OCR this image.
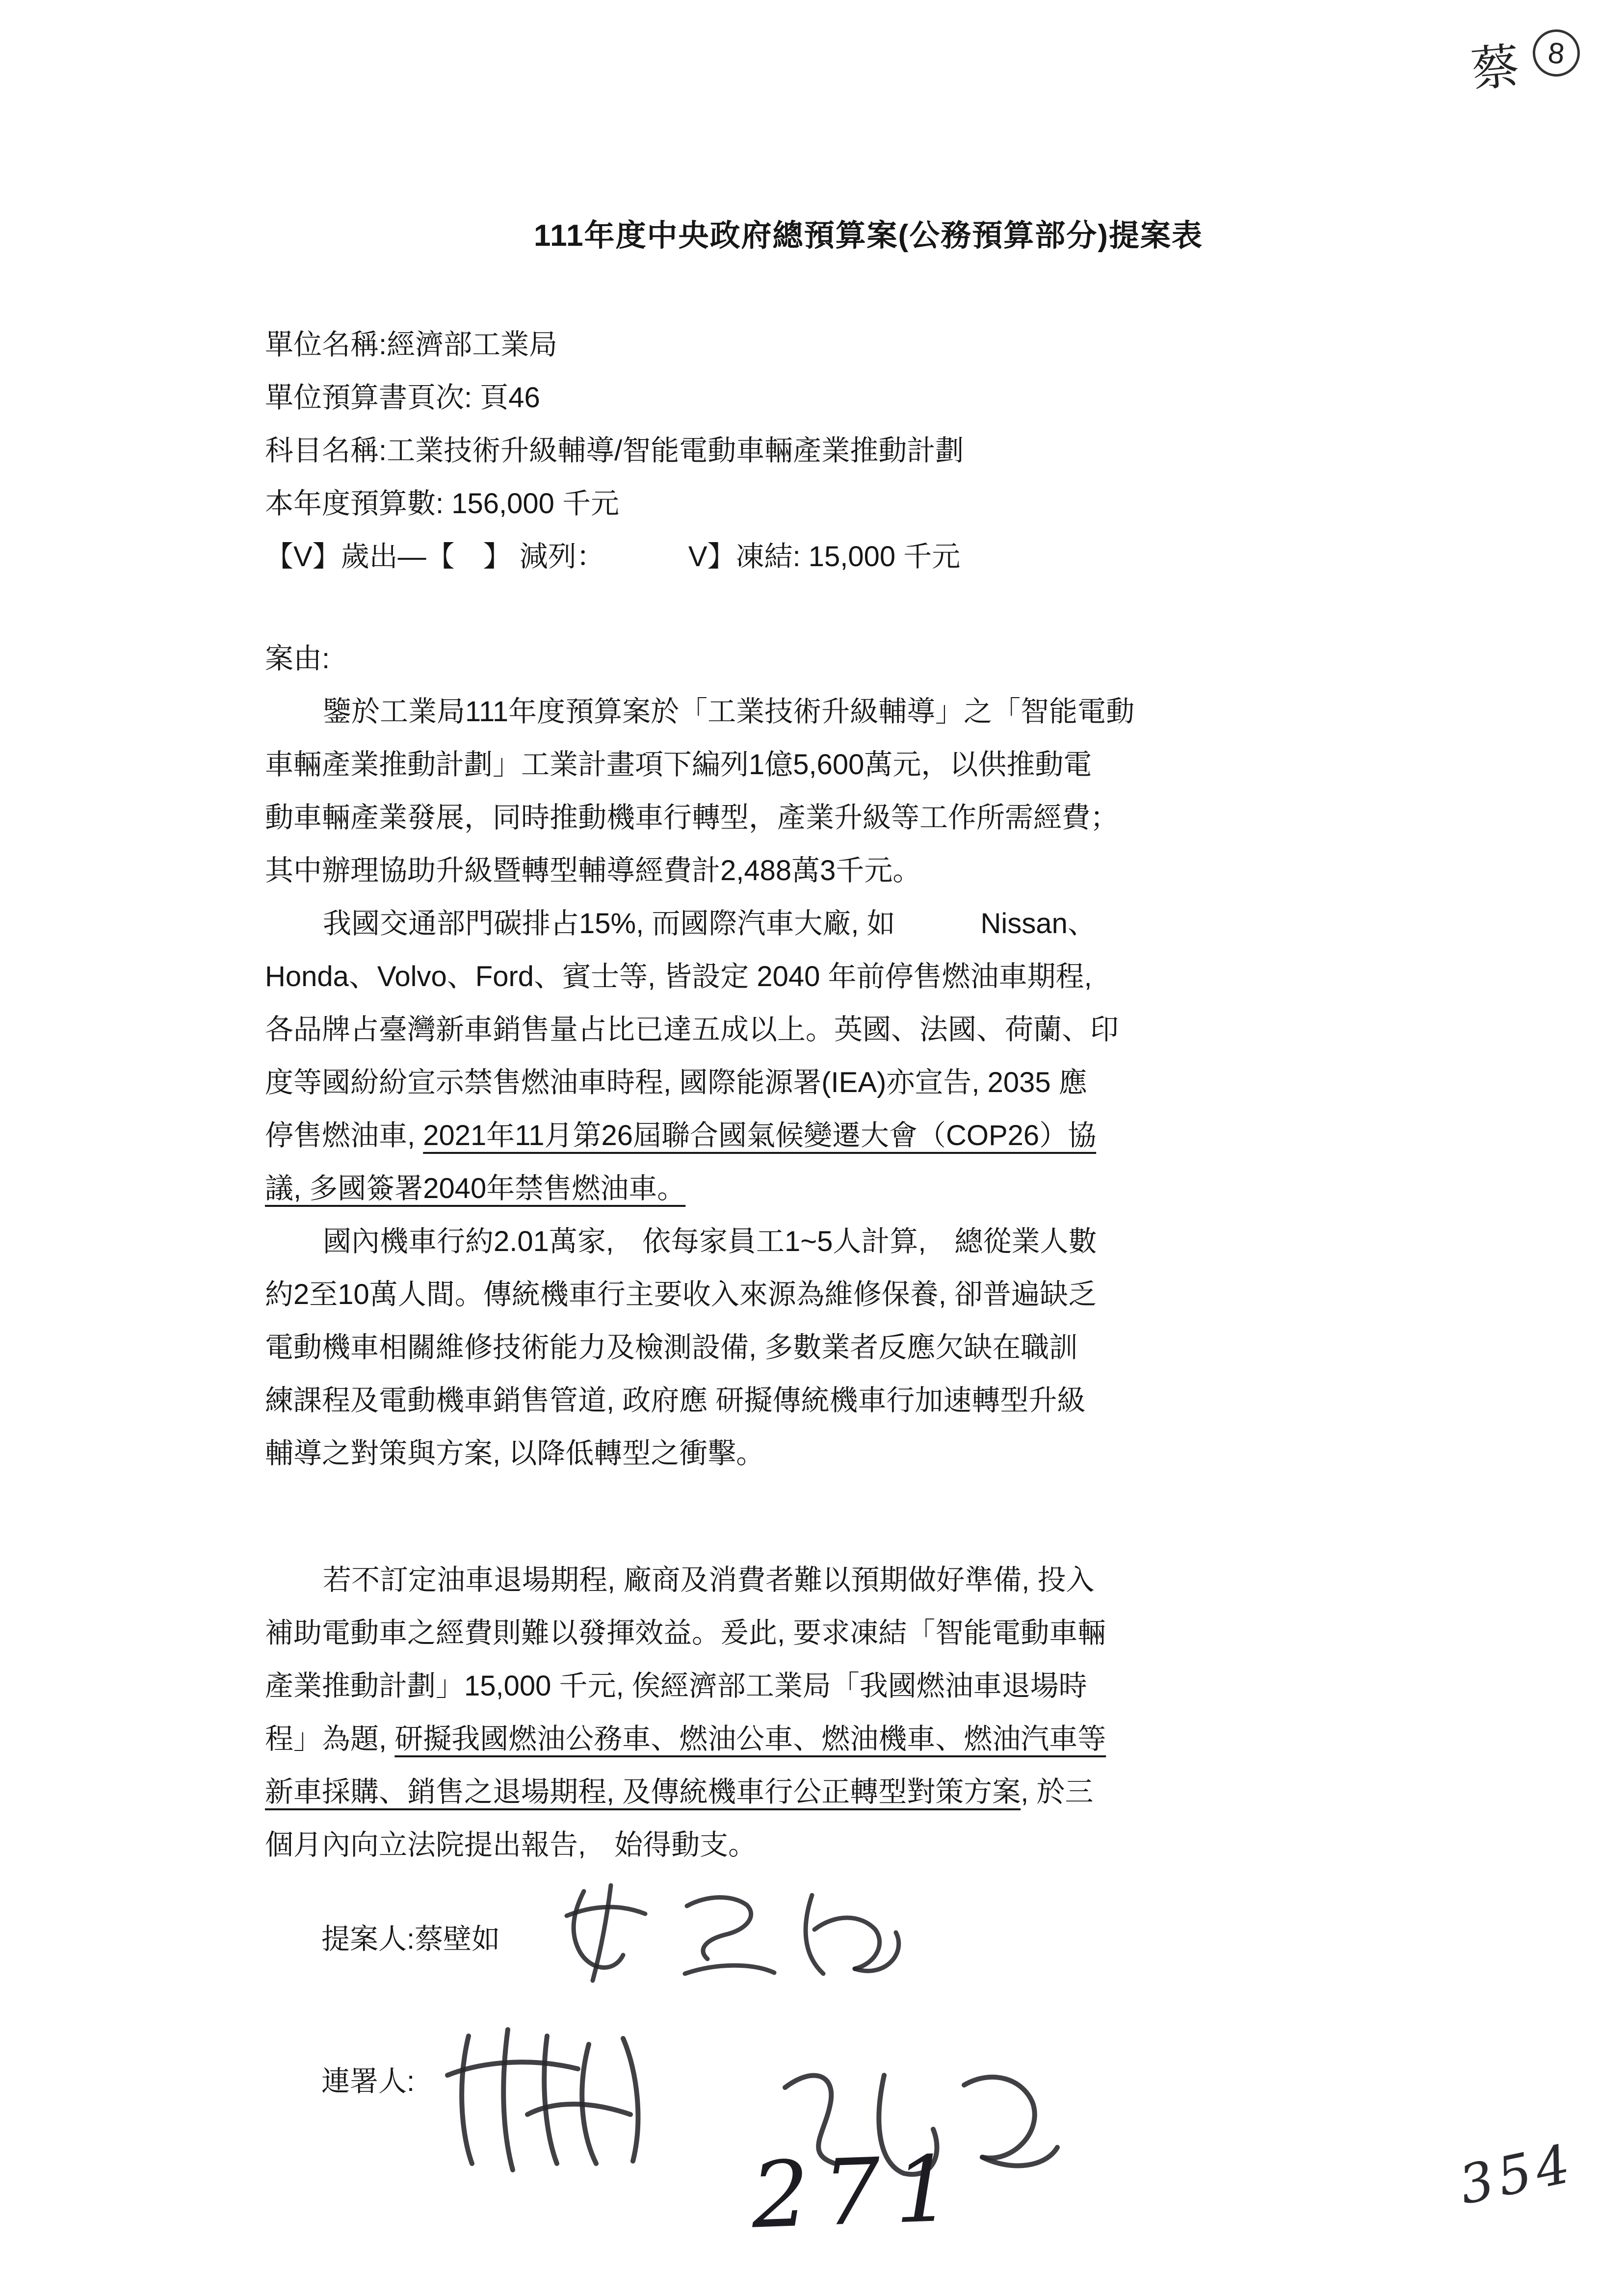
蔡 8
111年度中央政府總預算案(公務預算部分)提案表
單位名稱:經濟部工業局
單位預算書頁次: 頁46
科目名稱:工業技術升級輔導/智能電動車輛產業推動計劃
本年度預算數: 156,000 千元
【V】歲出—【　】 減列：	V】凍結: 15,000 千元
案由:
鑒於工業局111年度預算案於「工業技術升級輔導」之「智能電動
車輛產業推動計劃」工業計畫項下編列1億5,600萬元，以供推動電
動車輛產業發展，同時推動機車行轉型，產業升級等工作所需經費；
其中辦理協助升級暨轉型輔導經費計2,488萬3千元。
我國交通部門碳排占15%, 而國際汽車大廠, 如　　　Nissan、
Honda、Volvo、Ford、賓士等, 皆設定 2040 年前停售燃油車期程,
各品牌占臺灣新車銷售量占比已達五成以上。英國、法國、荷蘭、印
度等國紛紛宣示禁售燃油車時程, 國際能源署(IEA)亦宣告, 2035 應
停售燃油車, 2021年11月第26屆聯合國氣候變遷大會（COP26）協
議, 多國簽署2040年禁售燃油車。
國內機車行約2.01萬家,　依每家員工1~5人計算,　總從業人數
約2至10萬人間。傳統機車行主要收入來源為維修保養, 卻普遍缺乏
電動機車相關維修技術能力及檢測設備, 多數業者反應欠缺在職訓
練課程及電動機車銷售管道, 政府應 研擬傳統機車行加速轉型升級
輔導之對策與方案, 以降低轉型之衝擊。
若不訂定油車退場期程, 廠商及消費者難以預期做好準備, 投入
補助電動車之經費則難以發揮效益。爰此, 要求凍結「智能電動車輛
產業推動計劃」15,000 千元, 俟經濟部工業局「我國燃油車退場時
程」為題, 研擬我國燃油公務車、燃油公車、燃油機車、燃油汽車等
新車採購、銷售之退場期程, 及傳統機車行公正轉型對策方案, 於三
個月內向立法院提出報告,　始得動支。
提案人:蔡壁如
連署人:
271	354
